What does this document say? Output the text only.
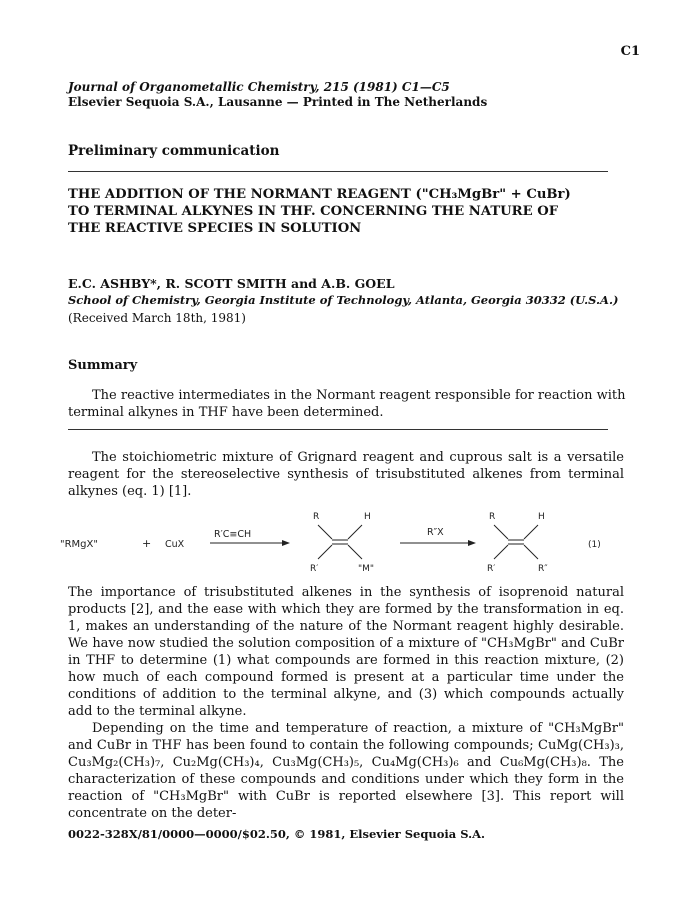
C1
Journal of Organometallic Chemistry, 215 (1981) C1—C5
Elsevier Sequoia S.A., Lausanne — Printed in The Netherlands
Preliminary communication
THE ADDITION OF THE NORMANT REAGENT ("CH₃MgBr" + CuBr)
TO TERMINAL ALKYNES IN THF. CONCERNING THE NATURE OF
THE REACTIVE SPECIES IN SOLUTION
E.C. ASHBY*, R. SCOTT SMITH and A.B. GOEL
School of Chemistry, Georgia Institute of Technology, Atlanta, Georgia 30332 (U.S.A.)
(Received March 18th, 1981)
Summary
The reactive intermediates in the Normant reagent responsible for reaction with terminal alkynes in THF have been determined.
The stoichiometric mixture of Grignard reagent and cuprous salt is a versatile reagent for the stereoselective synthesis of trisubstituted alkenes from terminal alkynes (eq. 1) [1].
"RMgX"	+ CuX
R′C≡CH
R	H
R′	"M"
R″X
R	H
R′	R″
(1)

The importance of trisubstituted alkenes in the synthesis of isoprenoid natural products [2], and the ease with which they are formed by the transformation in eq. 1, makes an understanding of the nature of the Normant reagent highly desirable. We have now studied the solution composition of a mixture of "CH₃MgBr" and CuBr in THF to determine (1) what compounds are formed in this reaction mixture, (2) how much of each compound formed is present at a particular time under the conditions of addition to the terminal alkyne, and (3) which compounds actually add to the terminal alkyne.

Depending on the time and temperature of reaction, a mixture of "CH₃MgBr" and CuBr in THF has been found to contain the following compounds; CuMg(CH₃)₃, Cu₃Mg₂(CH₃)₇, Cu₂Mg(CH₃)₄, Cu₃Mg(CH₃)₅, Cu₄Mg(CH₃)₆ and Cu₆Mg(CH₃)₈. The characterization of these compounds and conditions under which they form in the reaction of "CH₃MgBr" with CuBr is reported elsewhere [3]. This report will concentrate on the deter-

0022-328X/81/0000—0000/$02.50, © 1981, Elsevier Sequoia S.A.
